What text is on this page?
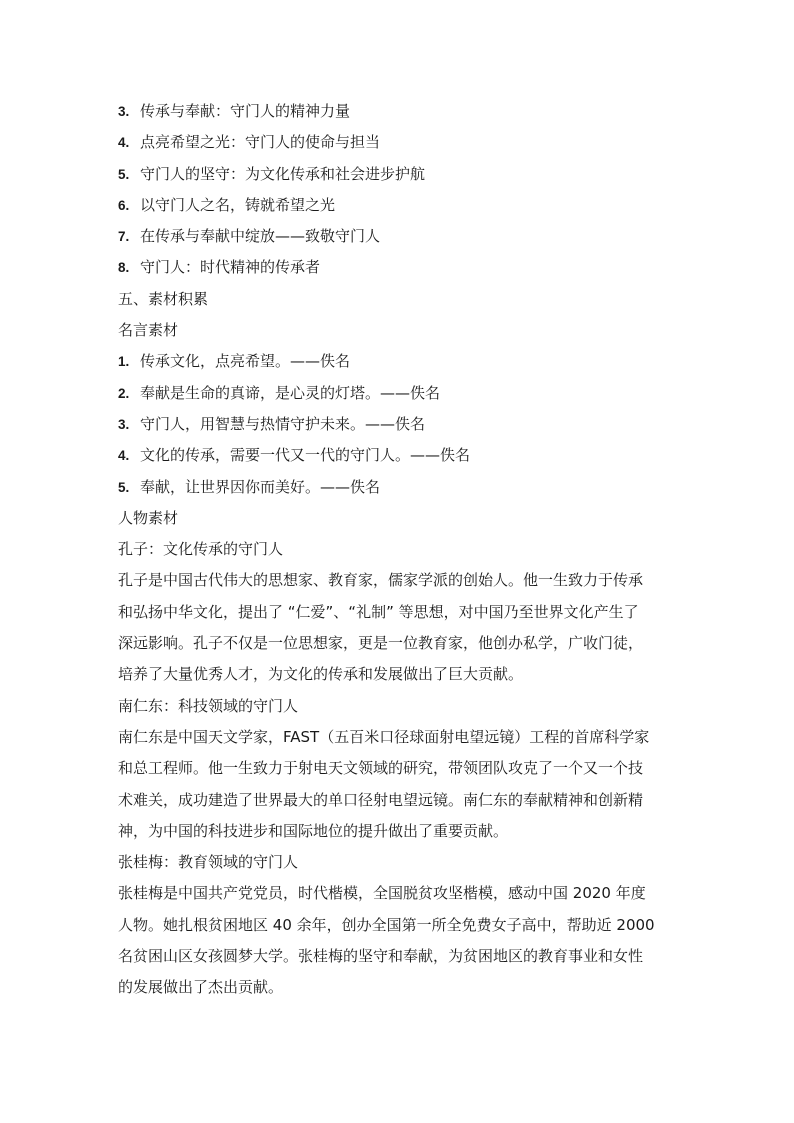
3. 传承与奉献：守门人的精神力量
4. 点亮希望之光：守门人的使命与担当
5. 守门人的坚守：为文化传承和社会进步护航
6. 以守门人之名，铸就希望之光
7. 在传承与奉献中绽放——致敬守门人
8. 守门人：时代精神的传承者
五、素材积累
名言素材
1. 传承文化，点亮希望。——佚名
2. 奉献是生命的真谛，是心灵的灯塔。——佚名
3. 守门人，用智慧与热情守护未来。——佚名
4. 文化的传承，需要一代又一代的守门人。——佚名
5. 奉献，让世界因你而美好。——佚名
人物素材
孔子：文化传承的守门人

孔子是中国古代伟大的思想家、教育家，儒家学派的创始人。他一生致力于传承
和弘扬中华文化，提出了 “仁爱”、“礼制” 等思想，对中国乃至世界文化产生了
深远影响。孔子不仅是一位思想家，更是一位教育家，他创办私学，广收门徒，
培养了大量优秀人才，为文化的传承和发展做出了巨大贡献。

南仁东：科技领域的守门人

南仁东是中国天文学家，FAST（五百米口径球面射电望远镜）工程的首席科学家
和总工程师。他一生致力于射电天文领域的研究，带领团队攻克了一个又一个技
术难关，成功建造了世界最大的单口径射电望远镜。南仁东的奉献精神和创新精
神，为中国的科技进步和国际地位的提升做出了重要贡献。

张桂梅：教育领域的守门人

张桂梅是中国共产党党员，时代楷模，全国脱贫攻坚楷模，感动中国 2020 年度
人物。她扎根贫困地区 40 余年，创办全国第一所全免费女子高中，帮助近 2000
名贫困山区女孩圆梦大学。张桂梅的坚守和奉献，为贫困地区的教育事业和女性
的发展做出了杰出贡献。
